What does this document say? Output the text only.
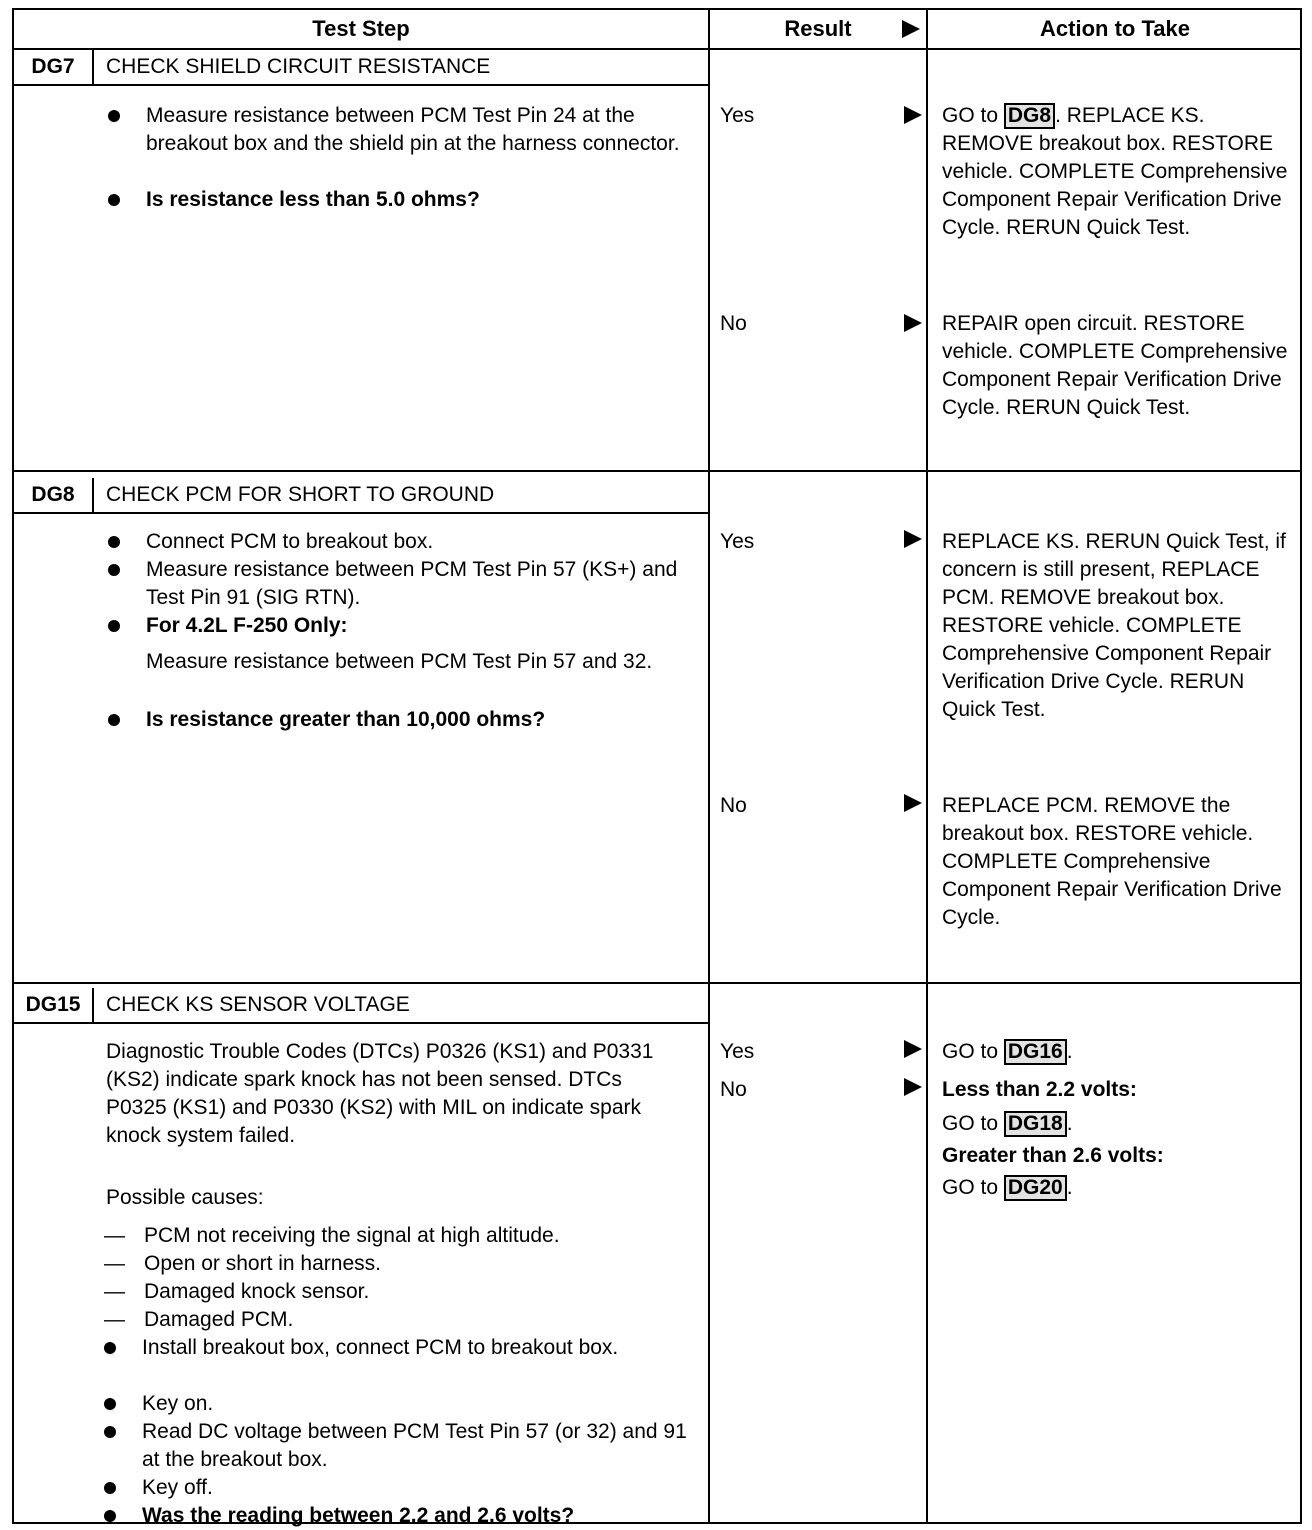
Test Step	Result	Action to Take
DG7	CHECK SHIELD CIRCUIT RESISTANCE
Measure resistance between PCM Test Pin 24 at the breakout box and the shield pin at the harness connector.
Is resistance less than 5.0 ohms?
Yes	GO to DG8 . REPLACE KS. REMOVE breakout box. RESTORE vehicle. COMPLETE Comprehensive Component Repair Verification Drive Cycle. RERUN Quick Test.
No	REPAIR open circuit. RESTORE vehicle. COMPLETE Comprehensive Component Repair Verification Drive Cycle. RERUN Quick Test.
DG8	CHECK PCM FOR SHORT TO GROUND
Connect PCM to breakout box.
Measure resistance between PCM Test Pin 57 (KS+) and Test Pin 91 (SIG RTN).
For 4.2L F-250 Only:
Measure resistance between PCM Test Pin 57 and 32.
Is resistance greater than 10,000 ohms?
Yes	REPLACE KS. RERUN Quick Test, if concern is still present, REPLACE PCM. REMOVE breakout box. RESTORE vehicle. COMPLETE Comprehensive Component Repair Verification Drive Cycle. RERUN Quick Test.
No	REPLACE PCM. REMOVE the breakout box. RESTORE vehicle. COMPLETE Comprehensive Component Repair Verification Drive Cycle.
DG15	CHECK KS SENSOR VOLTAGE
Diagnostic Trouble Codes (DTCs) P0326 (KS1) and P0331 (KS2) indicate spark knock has not been sensed. DTCs P0325 (KS1) and P0330 (KS2) with MIL on indicate spark knock system failed.
Possible causes:
— PCM not receiving the signal at high altitude.
— Open or short in harness.
— Damaged knock sensor.
— Damaged PCM.
Install breakout box, connect PCM to breakout box.
Key on.
Read DC voltage between PCM Test Pin 57 (or 32) and 91 at the breakout box.
Key off.
Was the reading between 2.2 and 2.6 volts?
Yes	GO to DG16 .
No	Less than 2.2 volts:
GO to DG18 .
Greater than 2.6 volts:
GO to DG20 .
